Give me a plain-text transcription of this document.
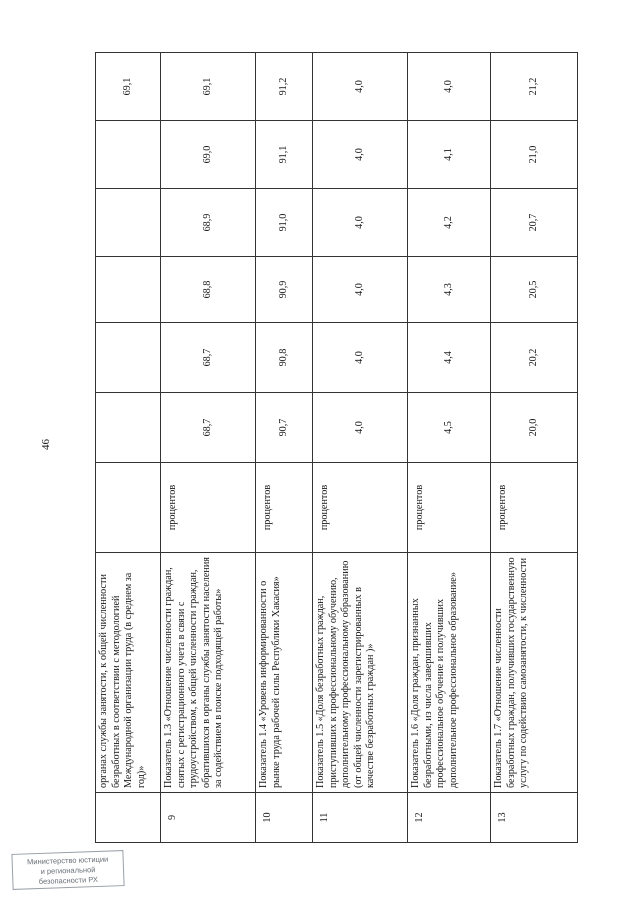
46
	органах службы занятости, к общей численности безработных в соответствии с методологией Международной организации труда (в среднем за год)»							69,1
9	Показатель 1.3 «Отношение численности граждан, снятых с регистрационного учета в связи с трудоустройством, к общей численности граждан, обратившихся в органы службы занятости населения за содействием в поиске подходящей работы»	процентов	68,7	68,7	68,8	68,9	69,0	69,1
10	Показатель 1.4 «Уровень информированности о рынке труда рабочей силы Республики Хакасия»	процентов	90,7	90,8	90,9	91,0	91,1	91,2
11	Показатель 1.5 «Доля безработных граждан, приступивших к профессиональному обучению, дополнительному профессиональному образованию (от общей численности зарегистрированных в качестве безработных граждан )»	процентов	4,0	4,0	4,0	4,0	4,0	4,0
12	Показатель 1.6 «Доля граждан, признанных безработными, из числа завершивших профессиональное обучение и получивших дополнительное профессиональное образование»	процентов	4,5	4,4	4,3	4,2	4,1	4,0
13	Показатель 1.7 «Отношение численности безработных граждан, получивших государственную услугу по содействию самозанятости, к численности	процентов	20,0	20,2	20,5	20,7	21,0	21,2
Министерство юстиции
и региональной
безопасности РХ
